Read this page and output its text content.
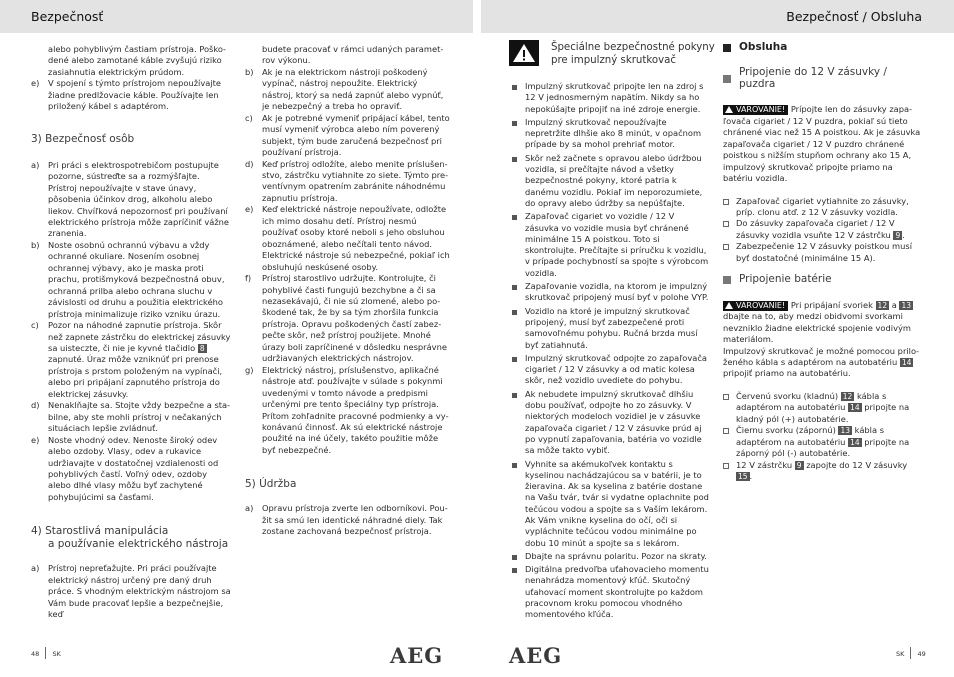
Bezpečnosť	Bezpečnosť / Obsluha

alebo pohyblivým častiam prístroja. Poškodené alebo zamotané káble zvyšujú riziko zasiahnutia elektrickým prúdom.

e) V spojení s týmto prístrojom nepoužívajte žiadne predlžovacie káble. Používajte len priložený kábel s adaptérom.

3) Bezpečnosť osôb

a) Pri práci s elektrospotrebičom postupujte pozorne, sústreďte sa a rozmýšľajte. Prístroj nepoužívajte v stave únavy, pôsobenia účinkov drog, alkoholu alebo liekov. Chvíľková nepozornosť pri používaní elektrického prístroja môže zapríčiniť vážne zranenia.

b) Noste osobnú ochrannú výbavu a vždy ochranné okuliare. Nosením osobnej ochrannej výbavy, ako je maska proti prachu, protišmyková bezpečnostná obuv, ochranná prilba alebo ochrana sluchu v závislosti od druhu a použitia elektrického prístroja minimalizuje riziko vzniku úrazu.

c) Pozor na náhodné zapnutie prístroja. Skôr než zapnete zástrčku do elektrickej zásuvky sa uisteczte, či nie je kyvné tlačidlo 8 zapnuté. Úraz môže vzniknúť pri prenose prístroja s prstom položeným na vypínači, alebo pri pripájaní zapnutého prístroja do elektrickej zásuvky.

d) Nenaklňajte sa. Stojte vždy bezpečne a stabilne, aby ste mohli prístroj v nečakaných situáciach lepšie zvládnuť.

e) Noste vhodný odev. Nenoste široký odev alebo ozdoby. Vlasy, odev a rukavice udržiavajte v dostatočnej vzdialenosti od pohyblivých častí. Voľný odev, ozdoby alebo dlhé vlasy môžu byť zachytené pohybujúcimi sa časťami.

4) Starostlivá manipulácia

a používanie elektrického nástroja

a) Prístroj nepreťažujte. Pri práci používajte elektrický nástroj určený pre daný druh práce. S vhodným elektrickým nástrojom sa Vám bude pracovať lepšie a bezpečnejšie, keď

budete pracovať v rámci udaných parametrov výkonu.

b) Ak je na elektrickom nástroji poškodený vypínač, nástroj nepoužite. Elektrický nástroj, ktorý sa nedá zapnúť alebo vypnúť, je nebezpečný a treba ho opraviť.

c) Ak je potrebné vymeniť pripájací kábel, tento musí vymeniť výrobca alebo ním poverený subjekt, tým bude zaručená bezpečnosť pri používaní prístroja.

d) Keď prístroj odložíte, alebo menite príslušenstvo, zástrčku vytiahnite zo siete. Týmto preventívnym opatrením zabránite náhodnému zapnutiu prístroja.

e) Keď elektrické nástroje nepoužívate, odložte ich mimo dosahu detí. Prístroj nesmú používať osoby ktoré neboli s jeho obsluhou oboznámené, alebo nečítali tento návod. Elektrické nástroje sú nebezpečné, pokiaľ ich obsluhujú neskúsené osoby.

f) Prístroj starostlivo udržujte. Kontrolujte, či pohyblivé časti fungujú bezchybne a či sa nezasekávajú, či nie sú zlomené, alebo poškodené tak, že by sa tým zhoršila funkcia prístroja. Opravu poškodených častí zabezpečte skôr, než prístroj použijete. Mnohé úrazy boli zapríčinené v dôsledku nesprávne udržiavaných elektrických nástrojov.

g) Elektrický nástroj, príslušenstvo, aplikačné nástroje atď. používajte v súlade s pokynmi uvedenými v tomto návode a predpismi určenými pre tento špeciálny typ prístroja. Prítom zohľadnite pracovné podmienky a vykonávanú činnosť. Ak sú elektrické nástroje použité na iné účely, takéto použitie môže byť nebezpečné.

5) Údržba

a) Opravu prístroja zverte len odborníkovi. Použit sa smú len identické náhradné diely. Tak zostane zachovaná bezpečnosť prístroja.

Špeciálne bezpečnostné pokyny

pre impulzný skrutkovač

Impulzný skrutkovač pripojte len na zdroj s 12 V jednosmerným napätím. Nikdy sa ho nepokúšajte pripojiť na iné zdroje energie.

Impulzný skrutkovač nepoužívajte nepretržite dlhšie ako 8 minút, v opačnom prípade by sa mohol prehriať motor.

Skôr než začnete s opravou alebo údržbou vozidla, si prečítajte návod a všetky bezpečnostné pokyny, ktoré patria k danému vozidlu. Pokiaľ im neporozumiete, do opravy alebo údržby sa nepúšťajte.

Zapaľovač cigariet vo vozidle / 12 V zásuvka vo vozidle musia byť chránené minimálne 15 A poistkou. Toto si skontrolujte. Prečítajte si príručku k vozidlu, v prípade pochybností sa spojte s výrobcom vozidla.

Zapaľovanie vozidla, na ktorom je impulzný skrutkovač pripojený musí byť v polohe VYP.

Vozidlo na ktoré je impulzný skrutkovač pripojený, musí byť zabezpečené proti samovoľnému pohybu. Ručná brzda musí byť zatiahnutá.

Impulzný skrutkovač odpojte zo zapaľovača cigariet / 12 V zásuvky a od matic kolesa skôr, než vozidlo uvediete do pohybu.

Ak nebudete impulzný skrutkovač dlhšiu dobu používať, odpojte ho zo zásuvky. V niektorých modeloch vozidiel je v zásuvke zapaľovača cigariet / 12 V zásuvke prúd aj po vypnutí zapaľovania, batéria vo vozidle sa môže takto vybiť.

Vyhnite sa akémukoľvek kontaktu s kyselinou nachádzajúcou sa v batérii, je to žieravina. Ak sa kyselina z batérie dostane na Vašu tvár, tvár si vydatne oplachnite pod tečúcou vodou a spojte sa s Vaším lekárom. Ak Vám vnikne kyselina do očí, oči si vypláchnite tečúcou vodou minimálne po dobu 10 minút a spojte sa s lekárom.

Dbajte na správnu polaritu. Pozor na skraty.

Digitálna predvoľba uťahovacieho momentu nenahrádza momentový kľúč. Skutočný uťahovací moment skontrolujte po každom pracovnom kroku pomocou vhodného momentového kľúča.

Obsluha
Pripojenie do 12 V zásuvky / puzdra

VAROVANIE! Prípojte len do zásuvky zapaľovača cigariet / 12 V puzdra, pokiaľ sú tieto chránené viac než 15 A poistkou. Ak je zásuvka zapaľovača cigariet / 12 V puzdro chránené poistkou s nižším stupňom ochrany ako 15 A, impulzový skrutkovač pripojte priamo na batériu vozidla.

Zapaľovač cigariet vytiahnite zo zásuvky, príp. clonu atď. z 12 V zásuvky vozidla.

Do zásuvky zapaľovača cigariet / 12 V zásuvky vozidla vsuňte 12 V zástrčku 9 .

Zabezpečenie 12 V zásuvky poistkou musí byť dostatočné (minimálne 15 A).

Pripojenie batérie

VAROVANIE! Pri pripájaní svoriek 12 a 13 dbajte na to, aby medzi obidvomi svorkami nevzniklo žiadne elektrické spojenie vodivým materiálom.

Impulzový skrutkovač je možné pomocou priloženého kábla s adaptérom na autobatériu 14 pripojiť priamo na autobatériu.

Červenú svorku (kladnú) 12 kábla s adaptérom na autobatériu 14 pripojte na kladný pól (+) autobatérie.

Čiernu svorku (zápornú) 13 kábla s adaptérom na autobatériu 14 pripojte na záporný pól (-) autobatérie.

12 V zástrčku 9 zapojte do 12 V zásuvky 15 .

48 SK	AEG	AEG	SK 49
